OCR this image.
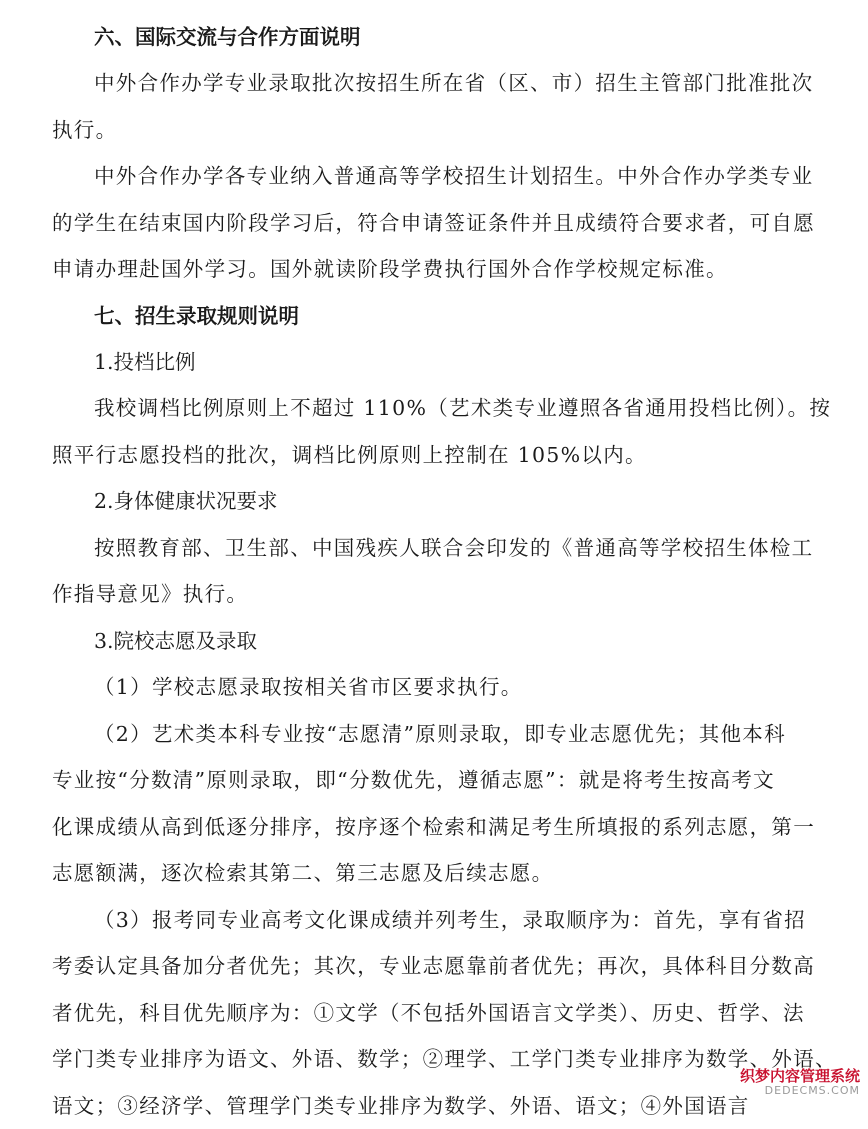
六、国际交流与合作方面说明

中外合作办学专业录取批次按招生所在省（区、市）招生主管部门批准批次
执行。

中外合作办学各专业纳入普通高等学校招生计划招生。中外合作办学类专业
的学生在结束国内阶段学习后，符合申请签证条件并且成绩符合要求者，可自愿
申请办理赴国外学习。国外就读阶段学费执行国外合作学校规定标准。

七、招生录取规则说明

1.投档比例

我校调档比例原则上不超过 110%（艺术类专业遵照各省通用投档比例）。按
照平行志愿投档的批次，调档比例原则上控制在 105%以内。

2.身体健康状况要求

按照教育部、卫生部、中国残疾人联合会印发的《普通高等学校招生体检工
作指导意见》执行。

3.院校志愿及录取

（1）学校志愿录取按相关省市区要求执行。

（2）艺术类本科专业按“志愿清”原则录取，即专业志愿优先；其他本科
专业按“分数清”原则录取，即“分数优先，遵循志愿”：就是将考生按高考文
化课成绩从高到低逐分排序，按序逐个检索和满足考生所填报的系列志愿，第一
志愿额满，逐次检索其第二、第三志愿及后续志愿。

（3）报考同专业高考文化课成绩并列考生，录取顺序为：首先，享有省招
考委认定具备加分者优先；其次，专业志愿靠前者优先；再次，具体科目分数高
者优先，科目优先顺序为：①文学（不包括外国语言文学类）、历史、哲学、法
学门类专业排序为语文、外语、数学；②理学、工学门类专业排序为数学、外语、
语文；③经济学、管理学门类专业排序为数学、外语、语文；④外国语言

织梦内容管理系统
DEDECMS.COM
